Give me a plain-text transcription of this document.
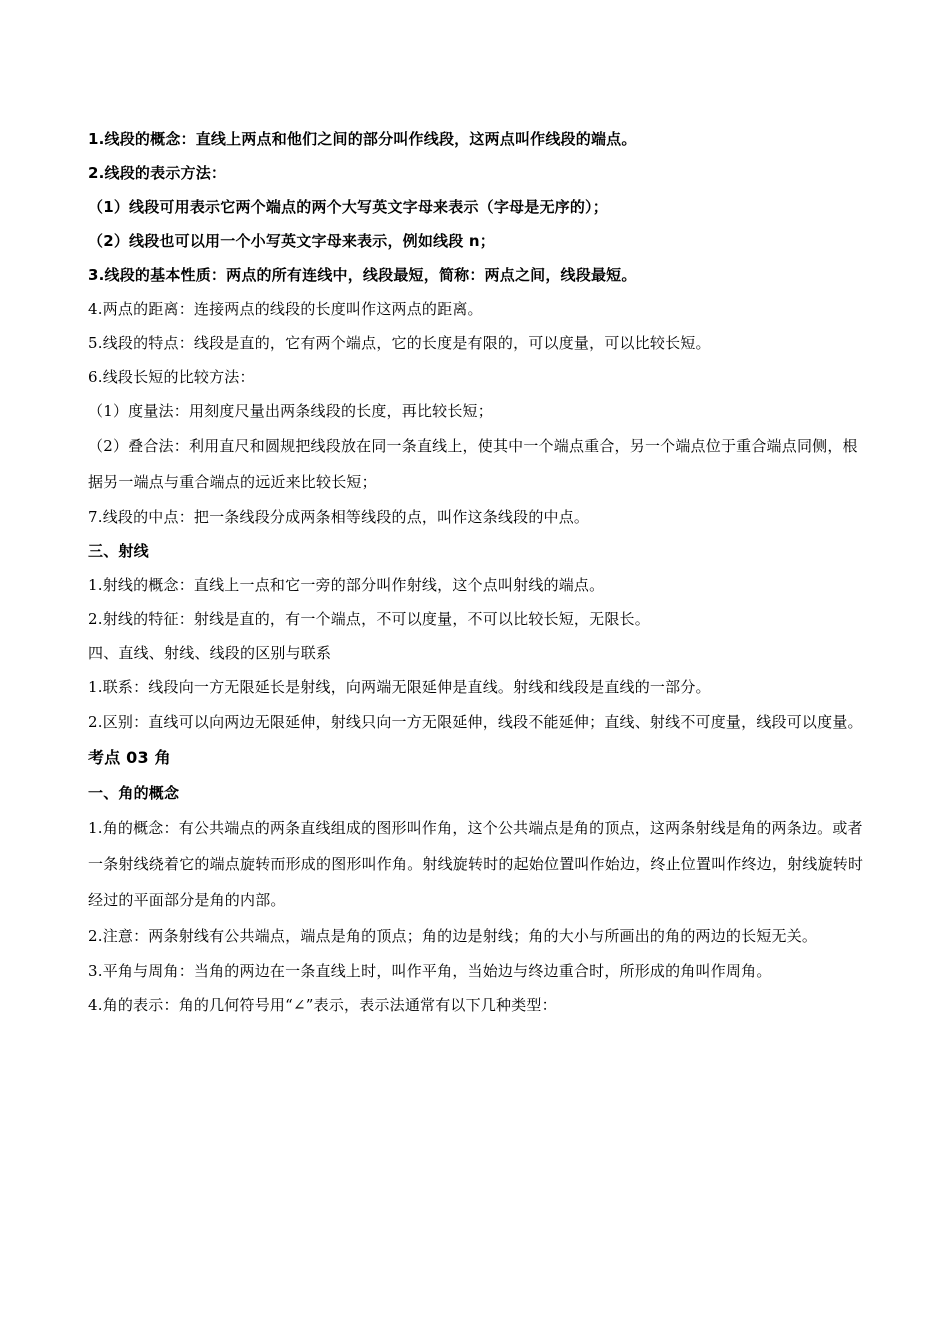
1.线段的概念：直线上两点和他们之间的部分叫作线段，这两点叫作线段的端点。

2.线段的表示方法：

（1）线段可用表示它两个端点的两个大写英文字母来表示（字母是无序的）；

（2）线段也可以用一个小写英文字母来表示，例如线段 n；

3.线段的基本性质：两点的所有连线中，线段最短，简称：两点之间，线段最短。

4.两点的距离：连接两点的线段的长度叫作这两点的距离。

5.线段的特点：线段是直的，它有两个端点，它的长度是有限的，可以度量，可以比较长短。

6.线段长短的比较方法：

（1）度量法：用刻度尺量出两条线段的长度，再比较长短；

（2）叠合法：利用直尺和圆规把线段放在同一条直线上，使其中一个端点重合，另一个端点位于重合端点同侧，根据另一端点与重合端点的远近来比较长短；

7.线段的中点：把一条线段分成两条相等线段的点，叫作这条线段的中点。

三、射线

1.射线的概念：直线上一点和它一旁的部分叫作射线，这个点叫射线的端点。

2.射线的特征：射线是直的，有一个端点，不可以度量，不可以比较长短，无限长。

四、直线、射线、线段的区别与联系

1.联系：线段向一方无限延长是射线，向两端无限延伸是直线。射线和线段是直线的一部分。

2.区别：直线可以向两边无限延伸，射线只向一方无限延伸，线段不能延伸；直线、射线不可度量，线段可以度量。

考点 03 角

一、角的概念

1.角的概念：有公共端点的两条直线组成的图形叫作角，这个公共端点是角的顶点，这两条射线是角的两条边。或者一条射线绕着它的端点旋转而形成的图形叫作角。射线旋转时的起始位置叫作始边，终止位置叫作终边，射线旋转时经过的平面部分是角的内部。

2.注意：两条射线有公共端点，端点是角的顶点；角的边是射线；角的大小与所画出的角的两边的长短无关。

3.平角与周角：当角的两边在一条直线上时，叫作平角，当始边与终边重合时，所形成的角叫作周角。

4.角的表示：角的几何符号用“∠”表示，表示法通常有以下几种类型：
